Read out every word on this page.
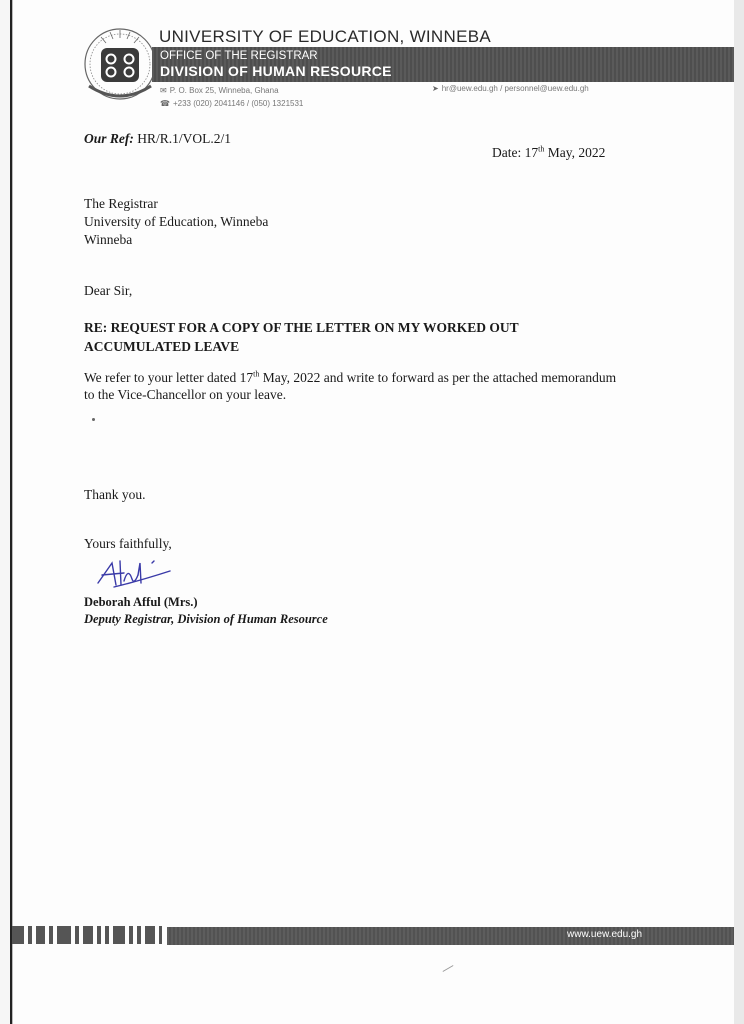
UNIVERSITY OF EDUCATION, WINNEBA
OFFICE OF THE REGISTRAR
DIVISION OF HUMAN RESOURCE
✉ P. O. Box 25, Winneba, Ghana
☎ +233 (020) 2041146 / (050) 1321531
➤ hr@uew.edu.gh / personnel@uew.edu.gh
Our Ref: HR/R.1/VOL.2/1
Date: 17th May, 2022
The Registrar
University of Education, Winneba
Winneba
Dear Sir,
RE: REQUEST FOR A COPY OF THE LETTER ON MY WORKED OUT ACCUMULATED LEAVE
We refer to your letter dated 17th May, 2022 and write to forward as per the attached memorandum
to the Vice-Chancellor on your leave.
Thank you.
Yours faithfully,
Deborah Afful (Mrs.)
Deputy Registrar, Division of Human Resource
www.uew.edu.gh
